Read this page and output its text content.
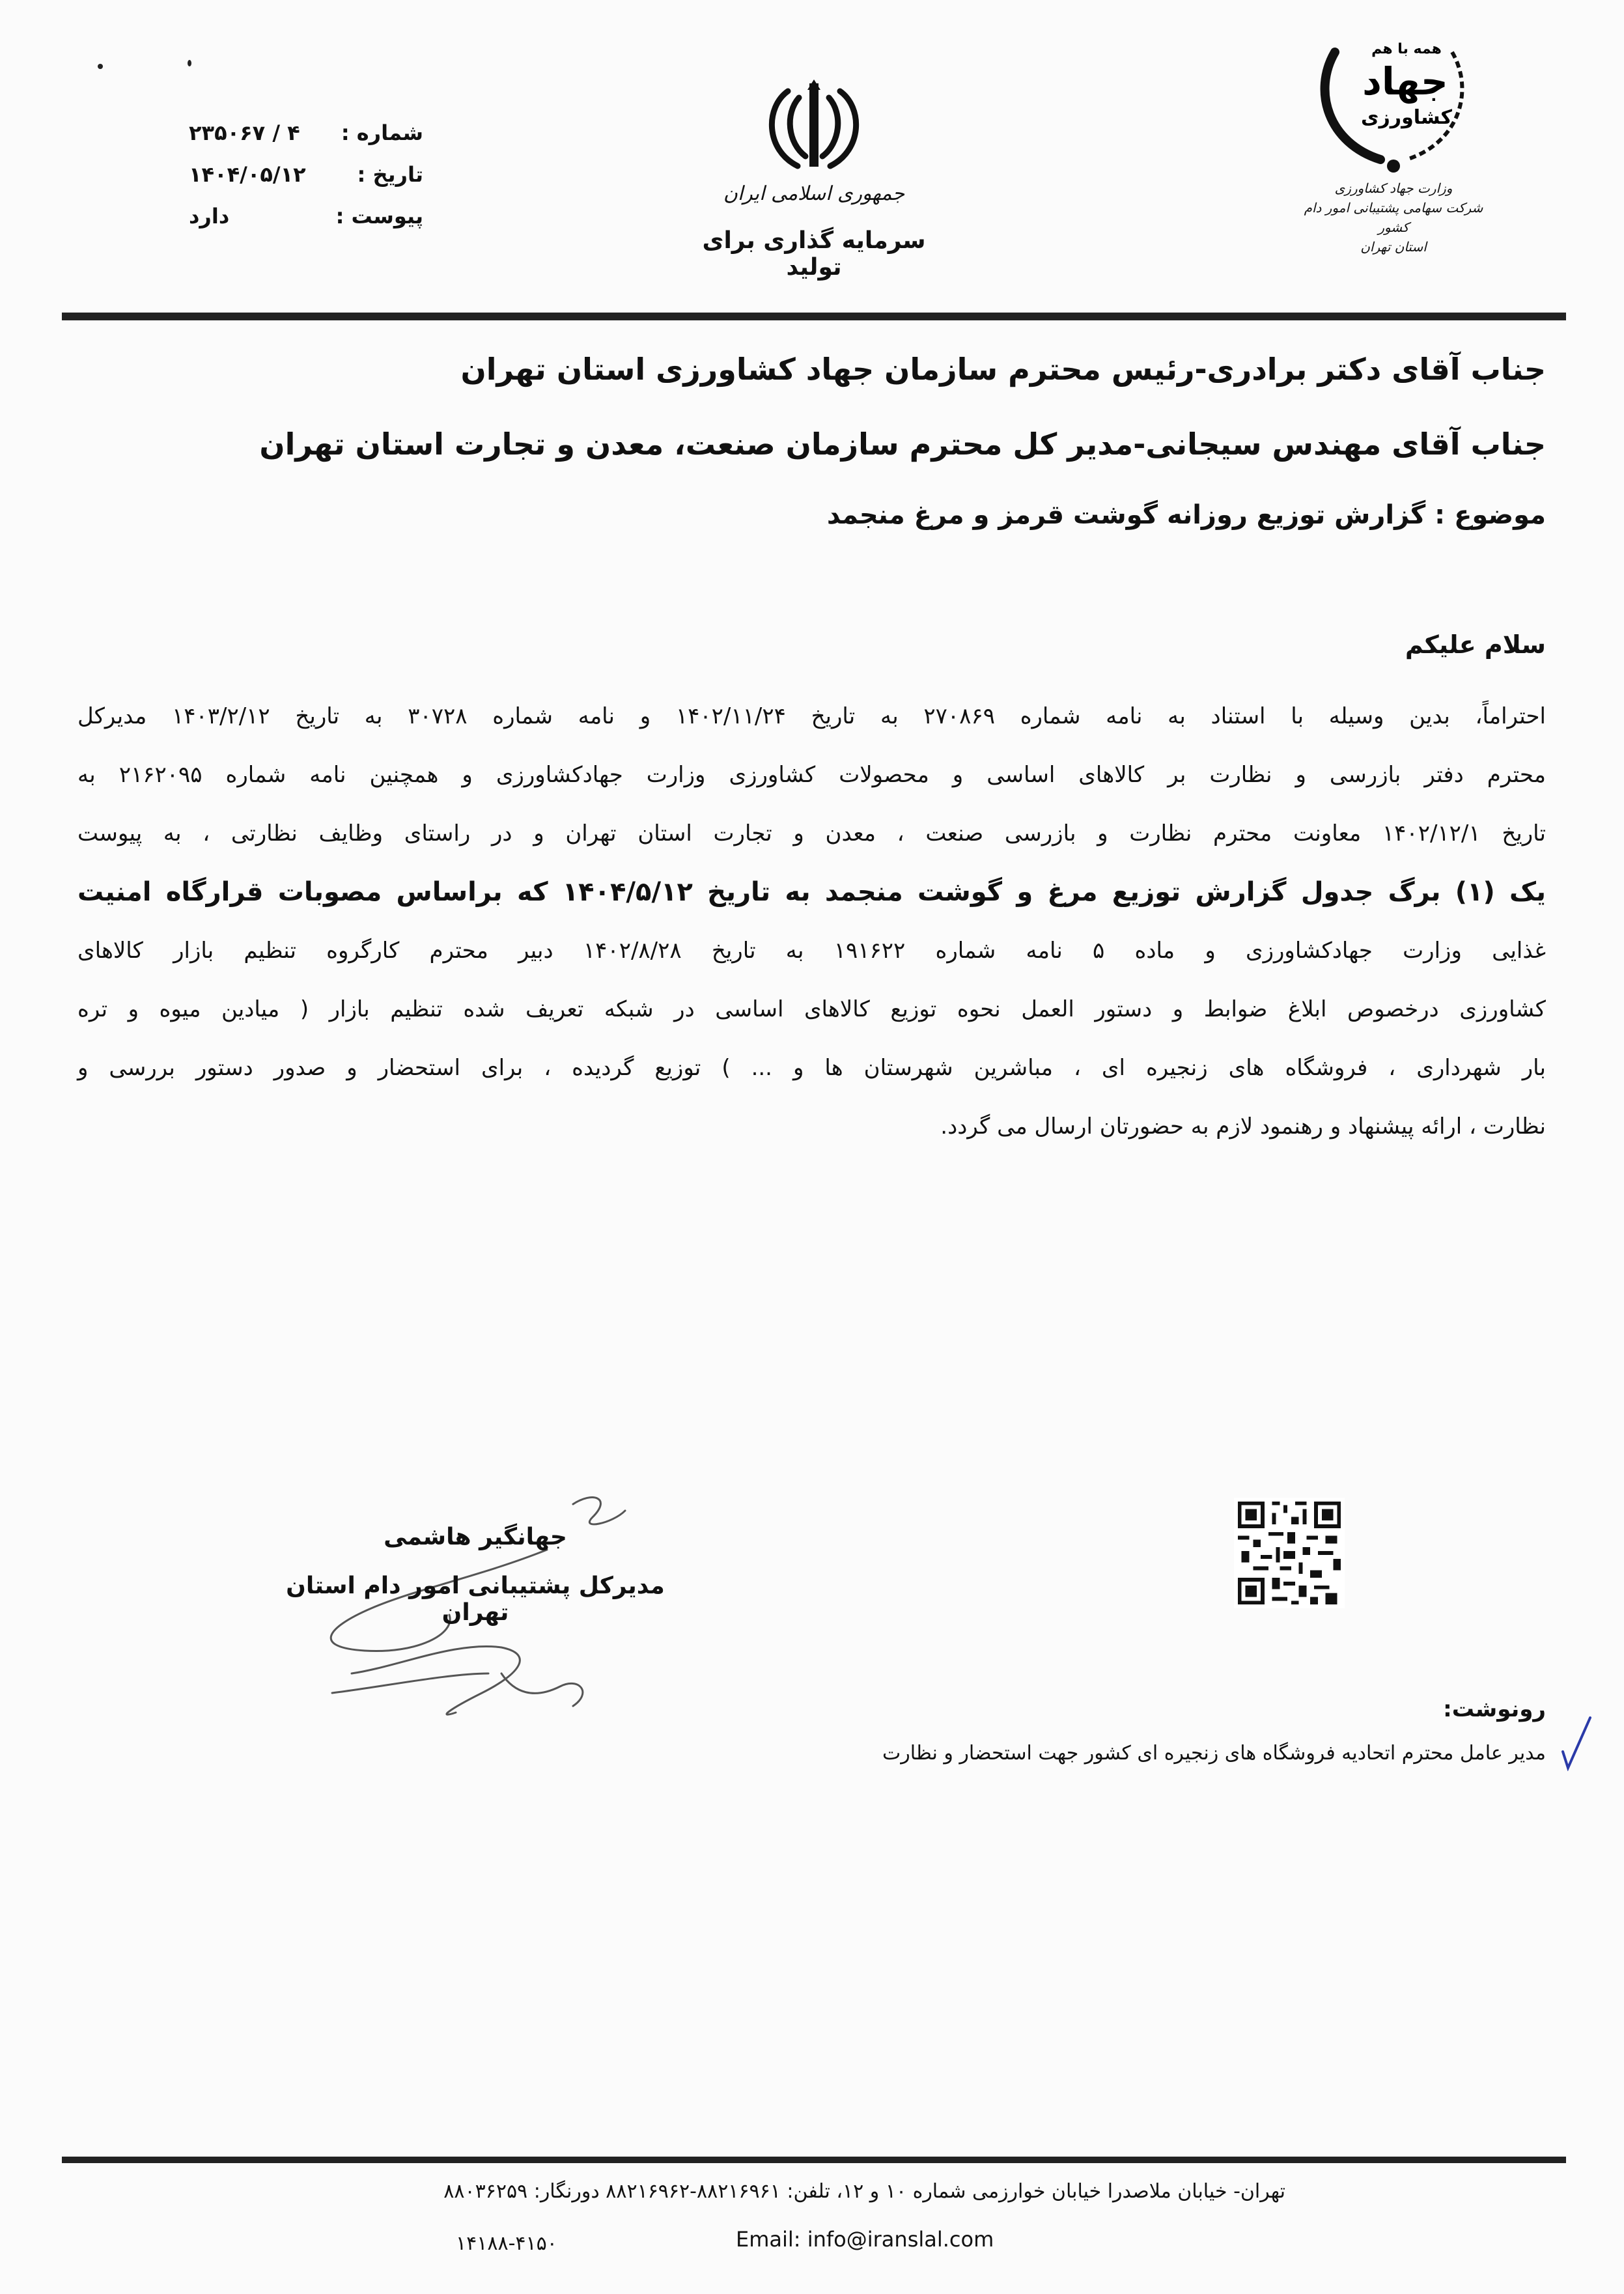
شماره :
۴ / ۲۳۵۰۶۷
تاریخ :
۱۴۰۴/۰۵/۱۲
پیوست :
دارد
جمهوری اسلامی ایران
سرمایه گذاری برای تولید
همه با هم
جهاد
کشاورزی
وزارت جهاد کشاورزی
شرکت سهامی پشتیبانی امور دام کشور
استان تهران
جناب آقای دکتر برادری-رئیس محترم سازمان جهاد کشاورزی استان تهران
جناب آقای مهندس سیجانی-مدیر کل محترم سازمان صنعت، معدن و تجارت استان تهران
موضوع : گزارش توزیع روزانه گوشت قرمز و مرغ منجمد
سلام علیکم
احتراماً، بدین وسیله با استناد به نامه شماره ۲۷۰۸۶۹ به تاریخ ۱۴۰۲/۱۱/۲۴ و نامه شماره ۳۰۷۲۸ به تاریخ ۱۴۰۳/۲/۱۲ مدیرکل
محترم دفتر بازرسی و نظارت بر کالاهای اساسی و محصولات کشاورزی وزارت جهادکشاورزی و همچنین نامه شماره ۲۱۶۲۰۹۵ به
تاریخ ۱۴۰۲/۱۲/۱ معاونت محترم نظارت و بازرسی صنعت ، معدن و تجارت استان تهران و در راستای وظایف نظارتی ، به پیوست
یک (۱) برگ جدول گزارش توزیع مرغ و گوشت منجمد به تاریخ ۱۴۰۴/۵/۱۲ که براساس مصوبات قرارگاه امنیت
غذایی وزارت جهادکشاورزی و ماده ۵ نامه شماره ۱۹۱۶۲۲ به تاریخ ۱۴۰۲/۸/۲۸ دبیر محترم کارگروه تنظیم بازار کالاهای
کشاورزی درخصوص ابلاغ ضوابط و دستور العمل نحوه توزیع کالاهای اساسی در شبکه تعریف شده تنظیم بازار ( میادین میوه و تره
بار شهرداری ، فروشگاه های زنجیره ای ، مباشرین شهرستان ها و ... ) توزیع گردیده ، برای استحضار و صدور دستور بررسی و
نظارت ، ارائه پیشنهاد و رهنمود لازم به حضورتان ارسال می گردد.
جهانگیر هاشمی
مدیرکل پشتیبانی امور دام استان تهران
رونوشت:
مدیر عامل محترم اتحادیه فروشگاه های زنجیره ای کشور جهت استحضار و نظارت
تهران- خیابان ملاصدرا خیابان خوارزمی شماره ۱۰ و ۱۲، تلفن: ۸۸۲۱۶۹۶۱-۸۸۲۱۶۹۶۲ دورنگار: ۸۸۰۳۶۲۵۹
۱۴۱۸۸-۴۱۵۰	Email: info@iranslal.com
